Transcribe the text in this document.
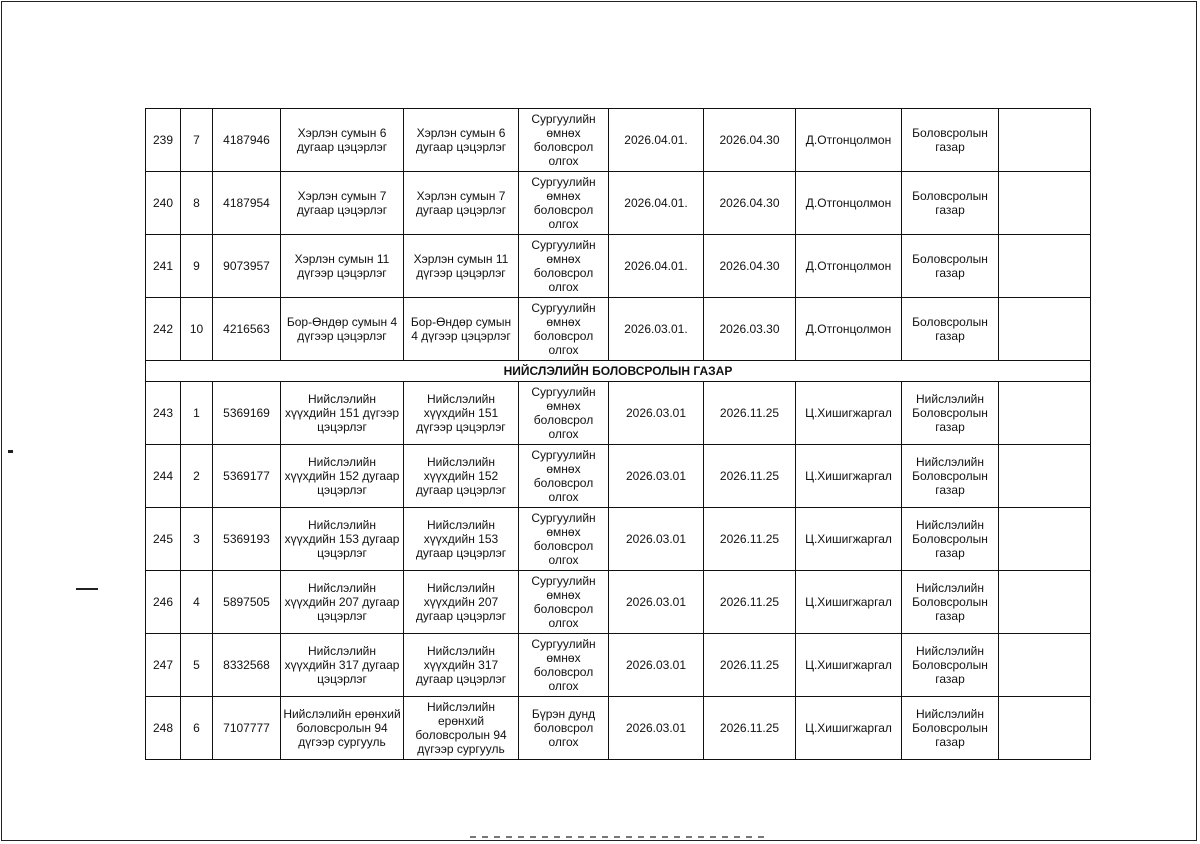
239	7	4187946	Хэрлэн сумын 6 дугаар цэцэрлэг	Хэрлэн сумын 6 дугаар цэцэрлэг	Сургуулийн өмнөх боловсрол олгох	2026.04.01.	2026.04.30	Д.Отгонцолмон	Боловсролын газар	
240	8	4187954	Хэрлэн сумын 7 дугаар цэцэрлэг	Хэрлэн сумын 7 дугаар цэцэрлэг	Сургуулийн өмнөх боловсрол олгох	2026.04.01.	2026.04.30	Д.Отгонцолмон	Боловсролын газар	
241	9	9073957	Хэрлэн сумын 11 дүгээр цэцэрлэг	Хэрлэн сумын 11 дүгээр цэцэрлэг	Сургуулийн өмнөх боловсрол олгох	2026.04.01.	2026.04.30	Д.Отгонцолмон	Боловсролын газар	
242	10	4216563	Бор-Өндөр сумын 4 дүгээр цэцэрлэг	Бор-Өндөр сумын 4 дүгээр цэцэрлэг	Сургуулийн өмнөх боловсрол олгох	2026.03.01.	2026.03.30	Д.Отгонцолмон	Боловсролын газар	
НИЙСЛЭЛИЙН БОЛОВСРОЛЫН ГАЗАР										
243	1	5369169	Нийслэлийн хүүхдийн 151 дүгээр цэцэрлэг	Нийслэлийн хүүхдийн 151 дүгээр цэцэрлэг	Сургуулийн өмнөх боловсрол олгох	2026.03.01	2026.11.25	Ц.Хишигжаргал	Нийслэлийн Боловсролын газар	
244	2	5369177	Нийслэлийн хүүхдийн 152 дугаар цэцэрлэг	Нийслэлийн хүүхдийн 152 дугаар цэцэрлэг	Сургуулийн өмнөх боловсрол олгох	2026.03.01	2026.11.25	Ц.Хишигжаргал	Нийслэлийн Боловсролын газар	
245	3	5369193	Нийслэлийн хүүхдийн 153 дугаар цэцэрлэг	Нийслэлийн хүүхдийн 153 дугаар цэцэрлэг	Сургуулийн өмнөх боловсрол олгох	2026.03.01	2026.11.25	Ц.Хишигжаргал	Нийслэлийн Боловсролын газар	
246	4	5897505	Нийслэлийн хүүхдийн 207 дугаар цэцэрлэг	Нийслэлийн хүүхдийн 207 дугаар цэцэрлэг	Сургуулийн өмнөх боловсрол олгох	2026.03.01	2026.11.25	Ц.Хишигжаргал	Нийслэлийн Боловсролын газар	
247	5	8332568	Нийслэлийн хүүхдийн 317 дугаар цэцэрлэг	Нийслэлийн хүүхдийн 317 дугаар цэцэрлэг	Сургуулийн өмнөх боловсрол олгох	2026.03.01	2026.11.25	Ц.Хишигжаргал	Нийслэлийн Боловсролын газар	
248	6	7107777	Нийслэлийн ерөнхий боловсролын 94 дүгээр сургууль	Нийслэлийн ерөнхий боловсролын 94 дүгээр сургууль	Бүрэн дунд боловсрол олгох	2026.03.01	2026.11.25	Ц.Хишигжаргал	Нийслэлийн Боловсролын газар	
